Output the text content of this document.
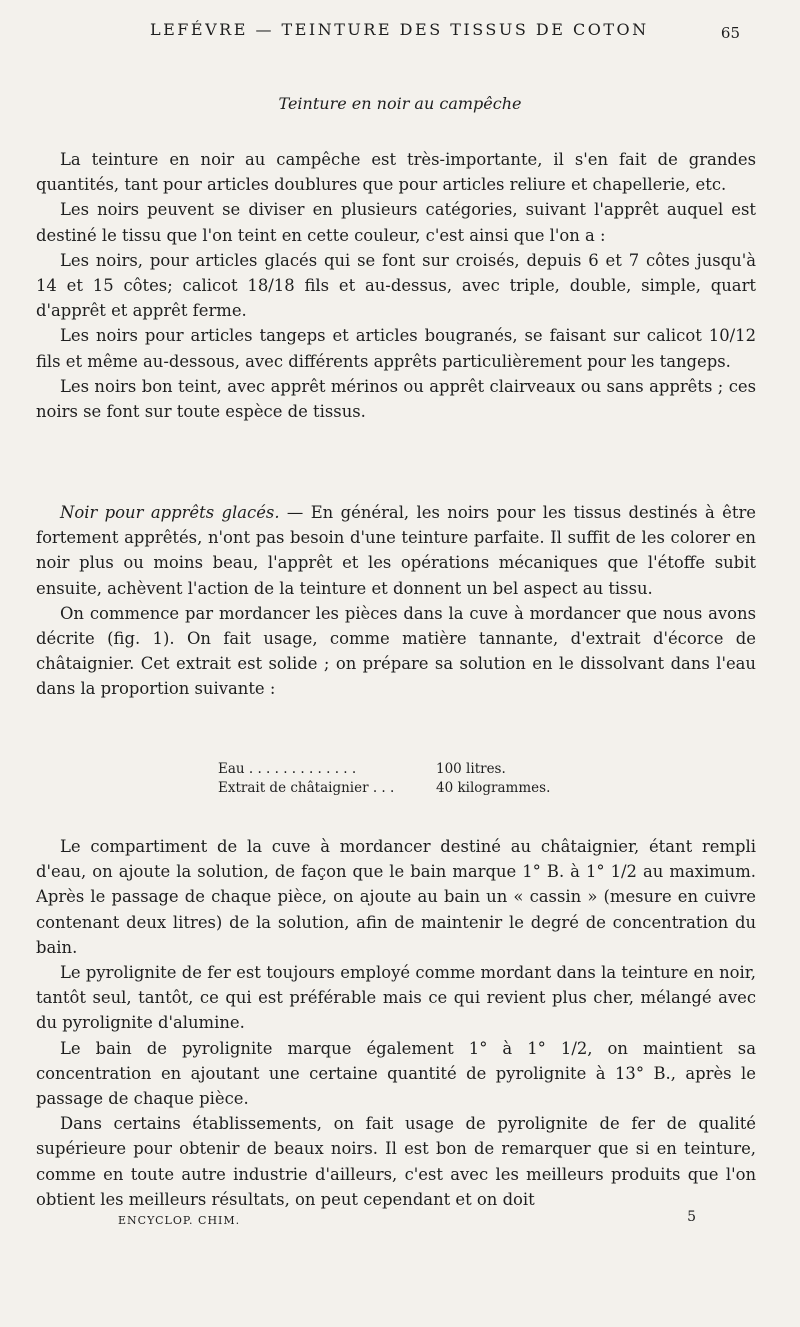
LEFÉVRE — TEINTURE DES TISSUS DE COTON	65
Teinture en noir au campêche

La teinture en noir au campêche est très-importante, il s'en fait de grandes quantités, tant pour articles doublures que pour articles reliure et chapellerie, etc.

Les noirs peuvent se diviser en plusieurs catégories, suivant l'apprêt auquel est destiné le tissu que l'on teint en cette couleur, c'est ainsi que l'on a :

Les noirs, pour articles glacés qui se font sur croisés, depuis 6 et 7 côtes jusqu'à 14 et 15 côtes; calicot 18/18 fils et au-dessus, avec triple, double, simple, quart d'apprêt et apprêt ferme.

Les noirs pour articles tangeps et articles bougranés, se faisant sur calicot 10/12 fils et même au-dessous, avec différents apprêts particulièrement pour les tangeps.

Les noirs bon teint, avec apprêt mérinos ou apprêt clairveaux ou sans apprêts ; ces noirs se font sur toute espèce de tissus.

Noir pour apprêts glacés. — En général, les noirs pour les tissus destinés à être fortement apprêtés, n'ont pas besoin d'une teinture parfaite. Il suffit de les colorer en noir plus ou moins beau, l'apprêt et les opérations mécaniques que l'étoffe subit ensuite, achèvent l'action de la teinture et donnent un bel aspect au tissu.

On commence par mordancer les pièces dans la cuve à mordancer que nous avons décrite (fig. 1). On fait usage, comme matière tannante, d'extrait d'écorce de châtaignier. Cet extrait est solide ; on prépare sa solution en le dissolvant dans l'eau dans la proportion suivante :

Eau . . . . . . . . . . . . .	100 litres.
Extrait de châtaignier . . .	40 kilogrammes.

Le compartiment de la cuve à mordancer destiné au châtaignier, étant rempli d'eau, on ajoute la solution, de façon que le bain marque 1° B. à 1° 1/2 au maximum. Après le passage de chaque pièce, on ajoute au bain un « cassin » (mesure en cuivre contenant deux litres) de la solution, afin de maintenir le degré de concentration du bain.

Le pyrolignite de fer est toujours employé comme mordant dans la teinture en noir, tantôt seul, tantôt, ce qui est préférable mais ce qui revient plus cher, mélangé avec du pyrolignite d'alumine.

Le bain de pyrolignite marque également 1° à 1° 1/2, on maintient sa concentration en ajoutant une certaine quantité de pyrolignite à 13° B., après le passage de chaque pièce.

Dans certains établissements, on fait usage de pyrolignite de fer de qualité supérieure pour obtenir de beaux noirs. Il est bon de remarquer que si en teinture, comme en toute autre industrie d'ailleurs, c'est avec les meilleurs produits que l'on obtient les meilleurs résultats, on peut cependant et on doit

ENCYCLOP. CHIM.	5
